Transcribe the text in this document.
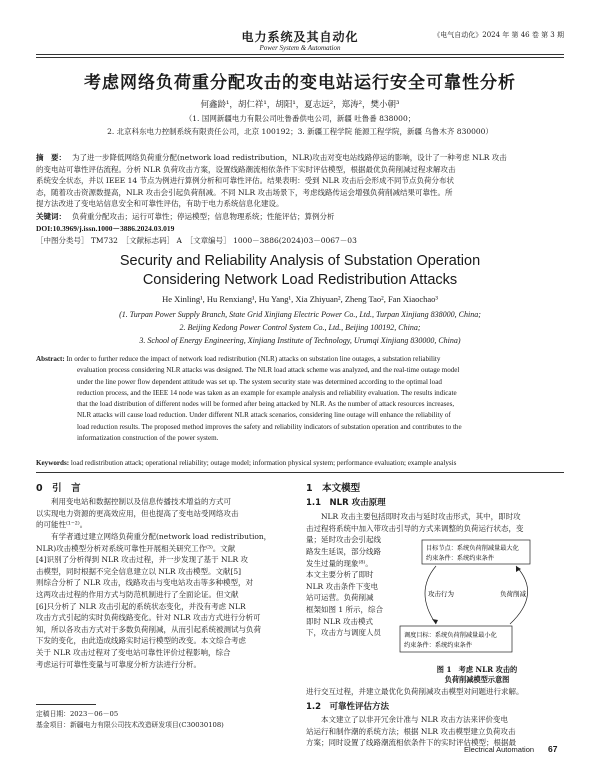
电力系统及其自动化
Power System & Automation
《电气自动化》2024 年 第 46 卷 第 3 期
考虑网络负荷重分配攻击的变电站运行安全可靠性分析
何鑫龄¹，胡仁祥¹，胡阳¹，夏志远²，郑涛²，樊小朝³
（1. 国网新疆电力有限公司吐鲁番供电公司，新疆 吐鲁番 838000；
2. 北京科东电力控制系统有限责任公司，北京 100192；3. 新疆工程学院 能源工程学院，新疆 乌鲁木齐 830000）
摘　要： 为了进一步降低网络负荷重分配(network load redistribution，NLR)攻击对变电站线路停运的影响，设计了一种考虑 NLR 攻击
的变电站可靠性评估流程。分析 NLR 负荷攻击方案，设置线路潮流相依条件下实时评估模型，根据最优负荷削减过程求解攻击
系统安全状态，并以 IEEE 14 节点为例进行算例分析和可靠性评估。结果表明：受到 NLR 攻击后会形成不同节点负荷分布状
态，随着攻击资源数提高，NLR 攻击会引起负荷削减。不同 NLR 攻击场景下，考虑线路传运会增强负荷削减结果可靠性。所
提方法改进了变电站信息安全和可靠性评估，有助于电力系统信息化建设。
关键词： 负荷重分配攻击；运行可靠性；停运模型；信息物理系统；性能评估；算例分析
DOI:10.3969/j.issn.1000－3886.2024.03.019
［中图分类号］ TM732　［文献标志码］ A　［文章编号］ 1000－3886(2024)03－0067－03
Security and Reliability Analysis of Substation Operation
Considering Network Load Redistribution Attacks
He Xinling¹, Hu Renxiang¹, Hu Yang¹, Xia Zhiyuan², Zheng Tao², Fan Xiaochao³
(1. Turpan Power Supply Branch, State Grid Xinjiang Electric Power Co., Ltd., Turpan Xinjiang 838000, China;
2. Beijing Kedong Power Control System Co., Ltd., Beijing 100192, China;
3. School of Energy Engineering, Xinjiang Institute of Technology, Urumqi Xinjiang 830000, China)
Abstract: In order to further reduce the impact of network load redistribution (NLR) attacks on substation line outages, a substation reliability
evaluation process considering NLR attacks was designed. The NLR load attack scheme was analyzed, and the real-time outage model
under the line power flow dependent attitude was set up. The system security state was determined according to the optimal load
reduction process, and the IEEE 14 node was taken as an example for example analysis and reliability evaluation. The results indicate
that the load distribution of different nodes will be formed after being attacked by NLR. As the number of attack resources increases,
NLR attacks will cause load reduction. Under different NLR attack scenarios, considering line outage will enhance the reliability of
load reduction results. The proposed method improves the safety and reliability indicators of substation operation and contributes to the
informatization construction of the power system.
Keywords: load redistribution attack; operational reliability; outage model; information physical system; performance evaluation; example analysis
0　引　言
　　利用变电站和数据控制以及信息传播技术增益的方式可
以实现电力资源的更高效应用，但也提高了变电站受网络攻击
的可能性⁽¹⁻²⁾。
　　有学者通过建立网络负荷重分配(network load redistribution，
NLR)攻击模型分析对系统可靠性开展相关研究工作⁽³⁾。文献
[4]识别了分析得到 NLR 攻击过程，并一步发现了基于 NLR 攻
击模型，同时根据不完全信息建立以 NLR 攻击模型。文献[5]
则综合分析了 NLR 攻击，线路攻击与变电站攻击等多种模型，对
这两攻击过程的作用方式与防范机制进行了全面论证。但文献
[6]只分析了 NLR 攻击引起的系统状态变化，并没有考虑 NLR
攻击方式引起的实时负荷线路变化。针对 NLR 攻击方式进行分析可
知，所以各攻击方式对于多数负荷削减，从而引起系统被测试与负荷
下发的变化，由此造成线路实时运行模型的改变。本文综合考虑
关于 NLR 攻击过程对了变电站可靠性评价过程影响，综合
考虑运行可靠性变量与可靠度分析方法进行分析。
定稿日期：2023－06－05
基金项目：新疆电力有限公司技术改造研发项目(C30030108)
1　本文模型
1.1　NLR 攻击原理
　　NLR 攻击主要包括即时攻击与延时攻击形式，其中，即时攻
击过程将系统中加入带攻击引导的方式来调整的负荷运行状态，变
量；延时攻击会引起线
路发生延误，部分线路
发生过量的现象⁽⁸⁾。
本文主要分析了即时
NLR 攻击条件下变电
站可运营。负荷削减
框架如图 1 所示，综合
即时 NLR 攻击模式
下，攻击方与调度人员
目标节点：系统负荷削减量最大化
约束条件：系统约束条件
调度目标：系统负荷削减量最小化
约束条件：系统约束条件
攻击行为	负荷削减
图 1　考虑 NLR 攻击的
负荷削减模型示意图
进行交互过程，并建立最优化负荷削减攻击模型对问题进行求解。
1.2　可靠性评估方法
　　本文建立了以非开冗余计准与 NLR 攻击方法来评价变电
站运行和制作潮的系统方法；根据 NLR 攻击模型建立负荷攻击
方案；同时设置了线路潮流相依条件下的实时评估模型；根据最
Electrical Automation 67
